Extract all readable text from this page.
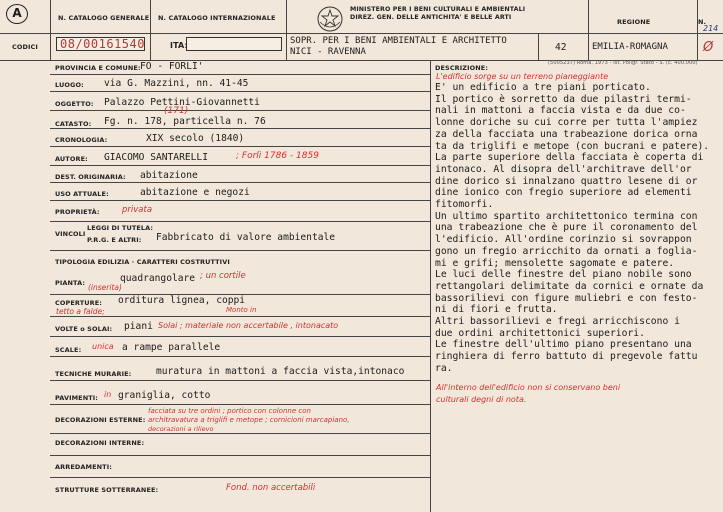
A	N. CATALOGO GENERALE N. CATALOGO INTERNAZIONALE
MINISTERO PER I BENI CULTURALI E AMBIENTALI
DIREZ. GEN. DELLE ANTICHITA' E BELLE ARTI
REGIONE	N.
214
CODICI 08/00161540	ITA:	SOPR. PER I BENI AMBIENTALI E ARCHITETTO
NICI - RAVENNA	42	EMILIA-ROMAGNA	Ø
PROVINCIA E COMUNE: FO - FORLI'
LUOGO: via G. Mazzini, nn. 41-45
OGGETTO: Palazzo Pettini-Giovannetti
(171)
CATASTO: Fg. n. 178, particella n. 76
CRONOLOGIA:	XIX secolo (1840)
AUTORE: GIACOMO SANTARELLI	; Forlì 1786 - 1859
DEST. ORIGINARIA: abitazione
USO ATTUALE:	abitazione e negozi
PROPRIETÀ:	privata
LEGGI DI TUTELA:
VINCOLI
P.R.G. E ALTRI: Fabbricato di valore ambientale
TIPOLOGIA EDILIZIA · CARATTERI COSTRUTTIVI
PIANTA:	quadrangolare ; un cortile
(inserita)
COPERTURE: orditura lignea, coppi
tetto a falde;	Monto in
VOLTE o SOLAI: piani Solai ; materiale non accertabile , intonacato
SCALE: unica a rampe parallele
TECNICHE MURARIE:	muratura in mattoni a faccia vista,intonaco
PAVIMENTI: in graniglia, cotto
DECORAZIONI ESTERNE:
facciata su tre ordini ; portico con colonne con
architravatura a triglifi e metope ; cornicioni marcapiano,
decorazioni a rilievo
DECORAZIONI INTERNE:
ARREDAMENTI:
STRUTTURE SOTTERRANEE:	Fond. non accertabili
DESCRIZIONE:
L'edificio sorge su un terreno pianeggiante
E' un edificio a tre piani porticato.
Il portico è sorretto da due pilastri termi-
nali in mattoni a faccia vista e da due co-
lonne doriche su cui corre per tutta l'ampiez
za della facciata una trabeazione dorica orna
ta da triglifi e metope (con bucrani e patere).
La parte superiore della facciata è coperta di
intonaco. Al disopra dell'architrave dell'or
dine dorico si innalzano quattro lesene di or
dine ionico con fregio superiore ad elementi
fitomorfi.
Un ultimo spartito architettonico termina con
una trabeazione che è pure il coronamento del
l'edificio. All'ordine corinzio si sovrappon
gono un fregio arricchito da ornati a foglia-
mi e grifi; mensolette sagomate e patere.
Le luci delle finestre del piano nobile sono
rettangolari delimitate da cornici e ornate da
bassorilievi con figure muliebri e con festo-
ni di fiori e frutta.
Altri bassorilievi e fregi arricchiscono i
due ordini architettonici superiori.
Le finestre dell'ultimo piano presentano una
ringhiera di ferro battuto di pregevole fattu
ra.
All'interno dell'edificio non si conservano beni
culturali degni di nota.
(5005237) Roma, 1973 - Ist. Poligr. Stato - S. (c. 400.000)
